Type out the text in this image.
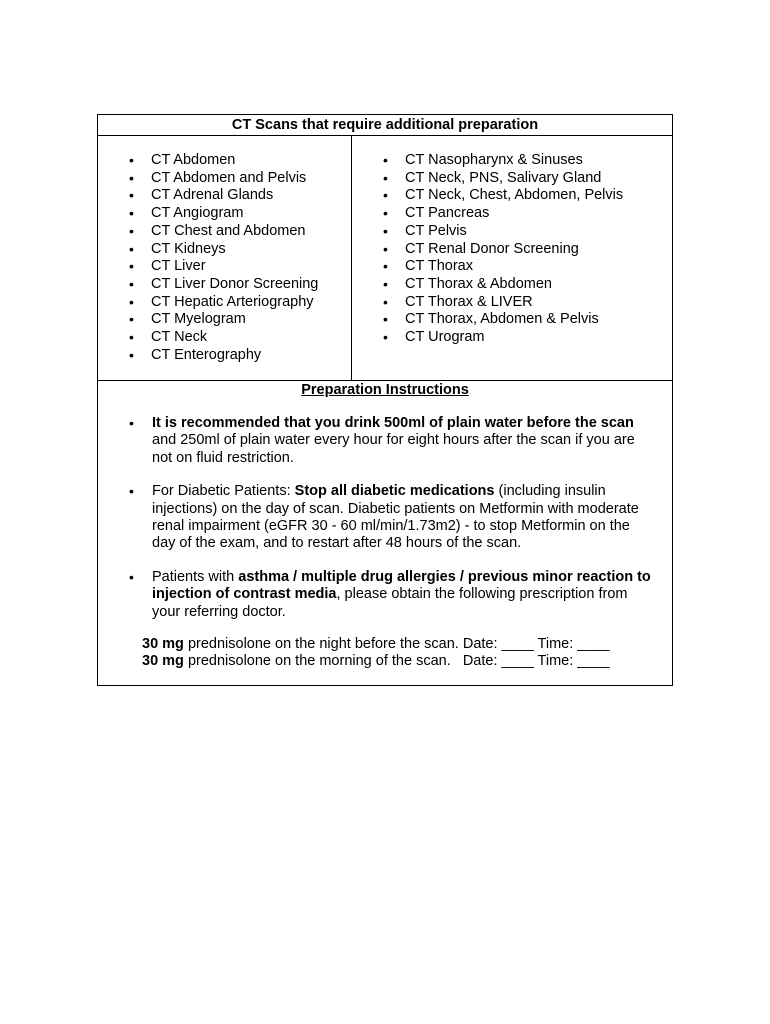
CT Scans that require additional preparation
• CT Abdomen
• CT Abdomen and Pelvis
• CT Adrenal Glands
• CT Angiogram
• CT Chest and Abdomen
• CT Kidneys
• CT Liver
• CT Liver Donor Screening
• CT Hepatic Arteriography
• CT Myelogram
• CT Neck
• CT Enterography
• CT Nasopharynx & Sinuses
• CT Neck, PNS, Salivary Gland
• CT Neck, Chest, Abdomen, Pelvis
• CT Pancreas
• CT Pelvis
• CT Renal Donor Screening
• CT Thorax
• CT Thorax & Abdomen
• CT Thorax & LIVER
• CT Thorax, Abdomen & Pelvis
• CT Urogram
Preparation Instructions
• It is recommended that you drink 500ml of plain water before the scan and 250ml of plain water every hour for eight hours after the scan if you are not on fluid restriction.
• For Diabetic Patients: Stop all diabetic medications (including insulin injections) on the day of scan. Diabetic patients on Metformin with moderate renal impairment (eGFR 30 - 60 ml/min/1.73m2) - to stop Metformin on the day of the exam, and to restart after 48 hours of the scan.
• Patients with asthma / multiple drug allergies / previous minor reaction to injection of contrast media, please obtain the following prescription from your referring doctor.
30 mg prednisolone on the night before the scan. Date: ____ Time: ____
30 mg prednisolone on the morning of the scan.   Date: ____ Time: ____
